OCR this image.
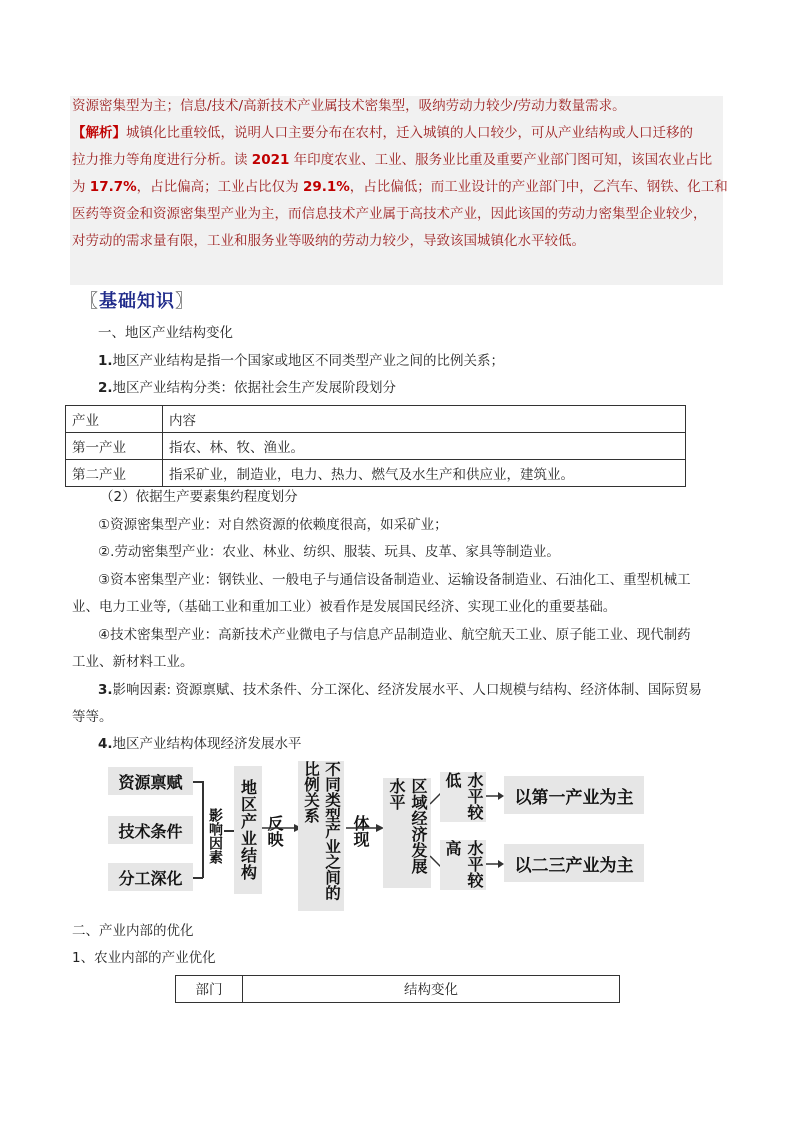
资源密集型为主；信息/技术/高新技术产业属技术密集型，吸纳劳动力较少/劳动力数量需求。
【解析】城镇化比重较低，说明人口主要分布在农村，迁入城镇的人口较少，可从产业结构或人口迁移的
拉力推力等角度进行分析。读 2021 年印度农业、工业、服务业比重及重要产业部门图可知，该国农业占比
为 17.7%，占比偏高；工业占比仅为 29.1%，占比偏低；而工业设计的产业部门中，乙汽车、钢铁、化工和
医药等资金和资源密集型产业为主，而信息技术产业属于高技术产业，因此该国的劳动力密集型企业较少，
对劳动的需求量有限，工业和服务业等吸纳的劳动力较少，导致该国城镇化水平较低。
〖基础知识〗
一、地区产业结构变化
1.地区产业结构是指一个国家或地区不同类型产业之间的比例关系；
2.地区产业结构分类：依据社会生产发展阶段划分
产业	内容
第一产业	指农、林、牧、渔业。
第二产业	指采矿业，制造业，电力、热力、燃气及水生产和供应业，建筑业。
（2）依据生产要素集约程度划分
①资源密集型产业：对自然资源的依赖度很高，如采矿业；
②.劳动密集型产业：农业、林业、纺织、服装、玩具、皮革、家具等制造业。
③资本密集型产业：钢铁业、一般电子与通信设备制造业、运输设备制造业、石油化工、重型机械工
业、电力工业等,（基础工业和重加工业）被看作是发展国民经济、实现工业化的重要基础。
④技术密集型产业：高新技术产业微电子与信息产品制造业、航空航天工业、原子能工业、现代制药
工业、新材料工业。
3.影响因素: 资源禀赋、技术条件、分工深化、经济发展水平、人口规模与结构、经济体制、国际贸易
等等。
4.地区产业结构体现经济发展水平
资源禀赋
技术条件
分工深化
影响因素 地区产业结构 反映	不同类型产业之间的比例关系
体现	区域经济发展水平	水平较低
水平较高
以第一产业为主
以二三产业为主
二、产业内部的优化
1、农业内部的产业优化
部门	结构变化
